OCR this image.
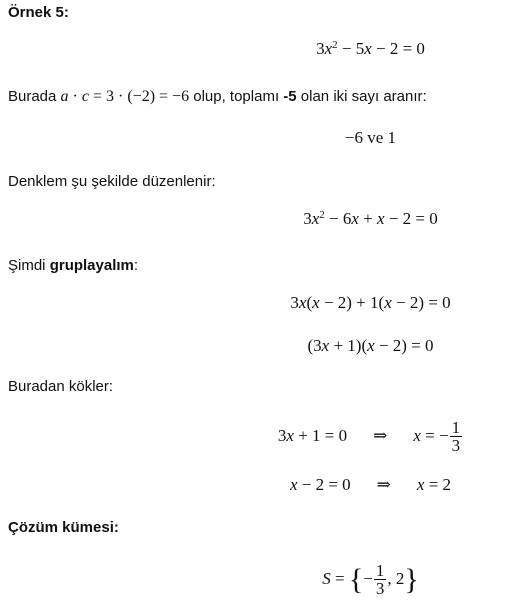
Örnek 5:
$3x^2 - 5x - 2 = 0$
Burada a · c = 3 · (−2) = −6 olup, toplamı -5 olan iki sayı aranır:
−6 ve 1
Denklem şu şekilde düzenlenir:
$3x^2 - 6x + x - 2 = 0$
Şimdi gruplayalım:
3x(x − 2) + 1(x − 2) = 0
(3x + 1)(x − 2) = 0
Buradan kökler:
3x + 1 = 0 ⇒ x = − $\frac{1}{3}$
x − 2 = 0 ⇒ x = 2
Çözüm kümesi:
S = {− $\frac{1}{3}$ , 2}
